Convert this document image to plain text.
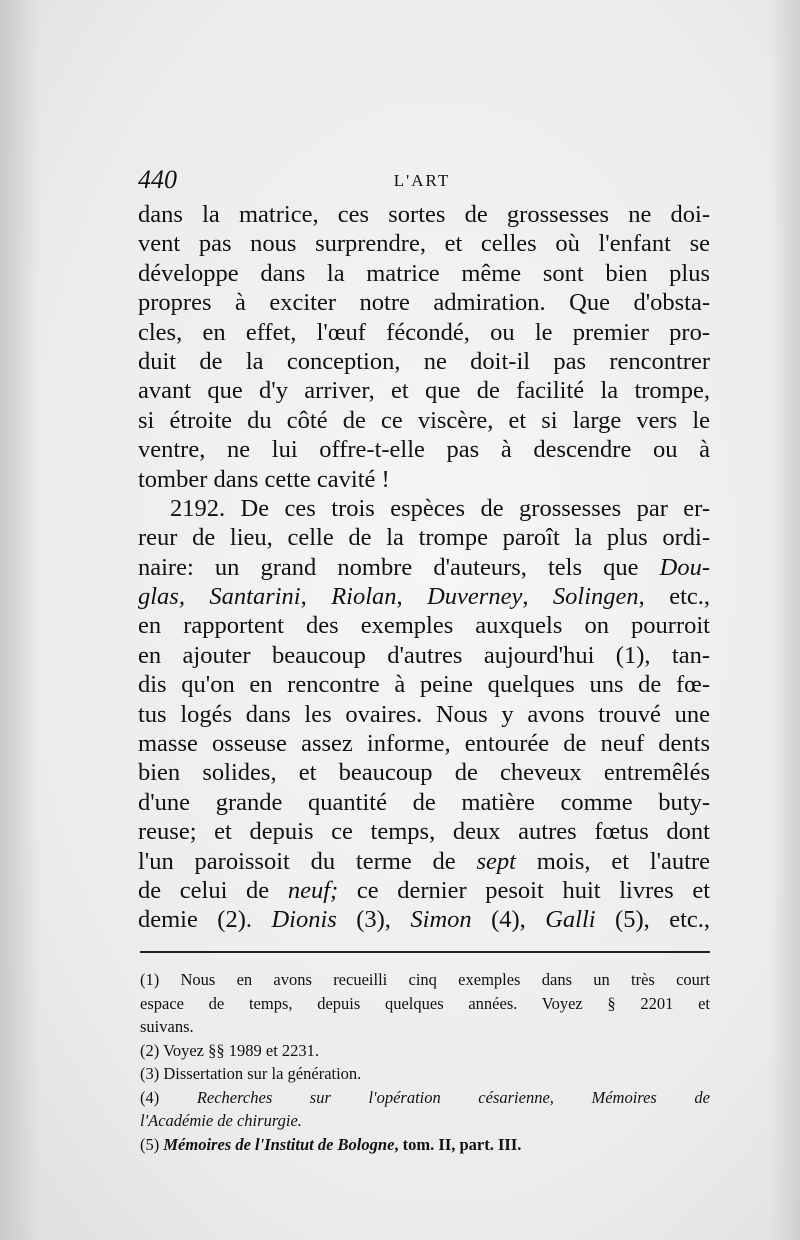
440	L'ART
dans la matrice, ces sortes de grossesses ne doi-
vent pas nous surprendre, et celles où l'enfant se
développe dans la matrice même sont bien plus
propres à exciter notre admiration. Que d'obsta-
cles, en effet, l'œuf fécondé, ou le premier pro-
duit de la conception, ne doit-il pas rencontrer
avant que d'y arriver, et que de facilité la trompe,
si étroite du côté de ce viscère, et si large vers le
ventre, ne lui offre-t-elle pas à descendre ou à
tomber dans cette cavité !
2192. De ces trois espèces de grossesses par er-
reur de lieu, celle de la trompe paroît la plus ordi-
naire: un grand nombre d'auteurs, tels que Dou-
glas, Santarini, Riolan, Duverney, Solingen, etc.,
en rapportent des exemples auxquels on pourroit
en ajouter beaucoup d'autres aujourd'hui (1), tan-
dis qu'on en rencontre à peine quelques uns de fœ-
tus logés dans les ovaires. Nous y avons trouvé une
masse osseuse assez informe, entourée de neuf dents
bien solides, et beaucoup de cheveux entremêlés
d'une grande quantité de matière comme buty-
reuse; et depuis ce temps, deux autres fœtus dont
l'un paroissoit du terme de sept mois, et l'autre
de celui de neuf; ce dernier pesoit huit livres et
demie (2). Dionis (3), Simon (4), Galli (5), etc.,
(1) Nous en avons recueilli cinq exemples dans un très court
espace de temps, depuis quelques années. Voyez § 2201 et
suivans.
(2) Voyez §§ 1989 et 2231.
(3) Dissertation sur la génération.
(4) Recherches sur l'opération césarienne, Mémoires de
l'Académie de chirurgie.
(5) Mémoires de l'Institut de Bologne, tom. II, part. III.
